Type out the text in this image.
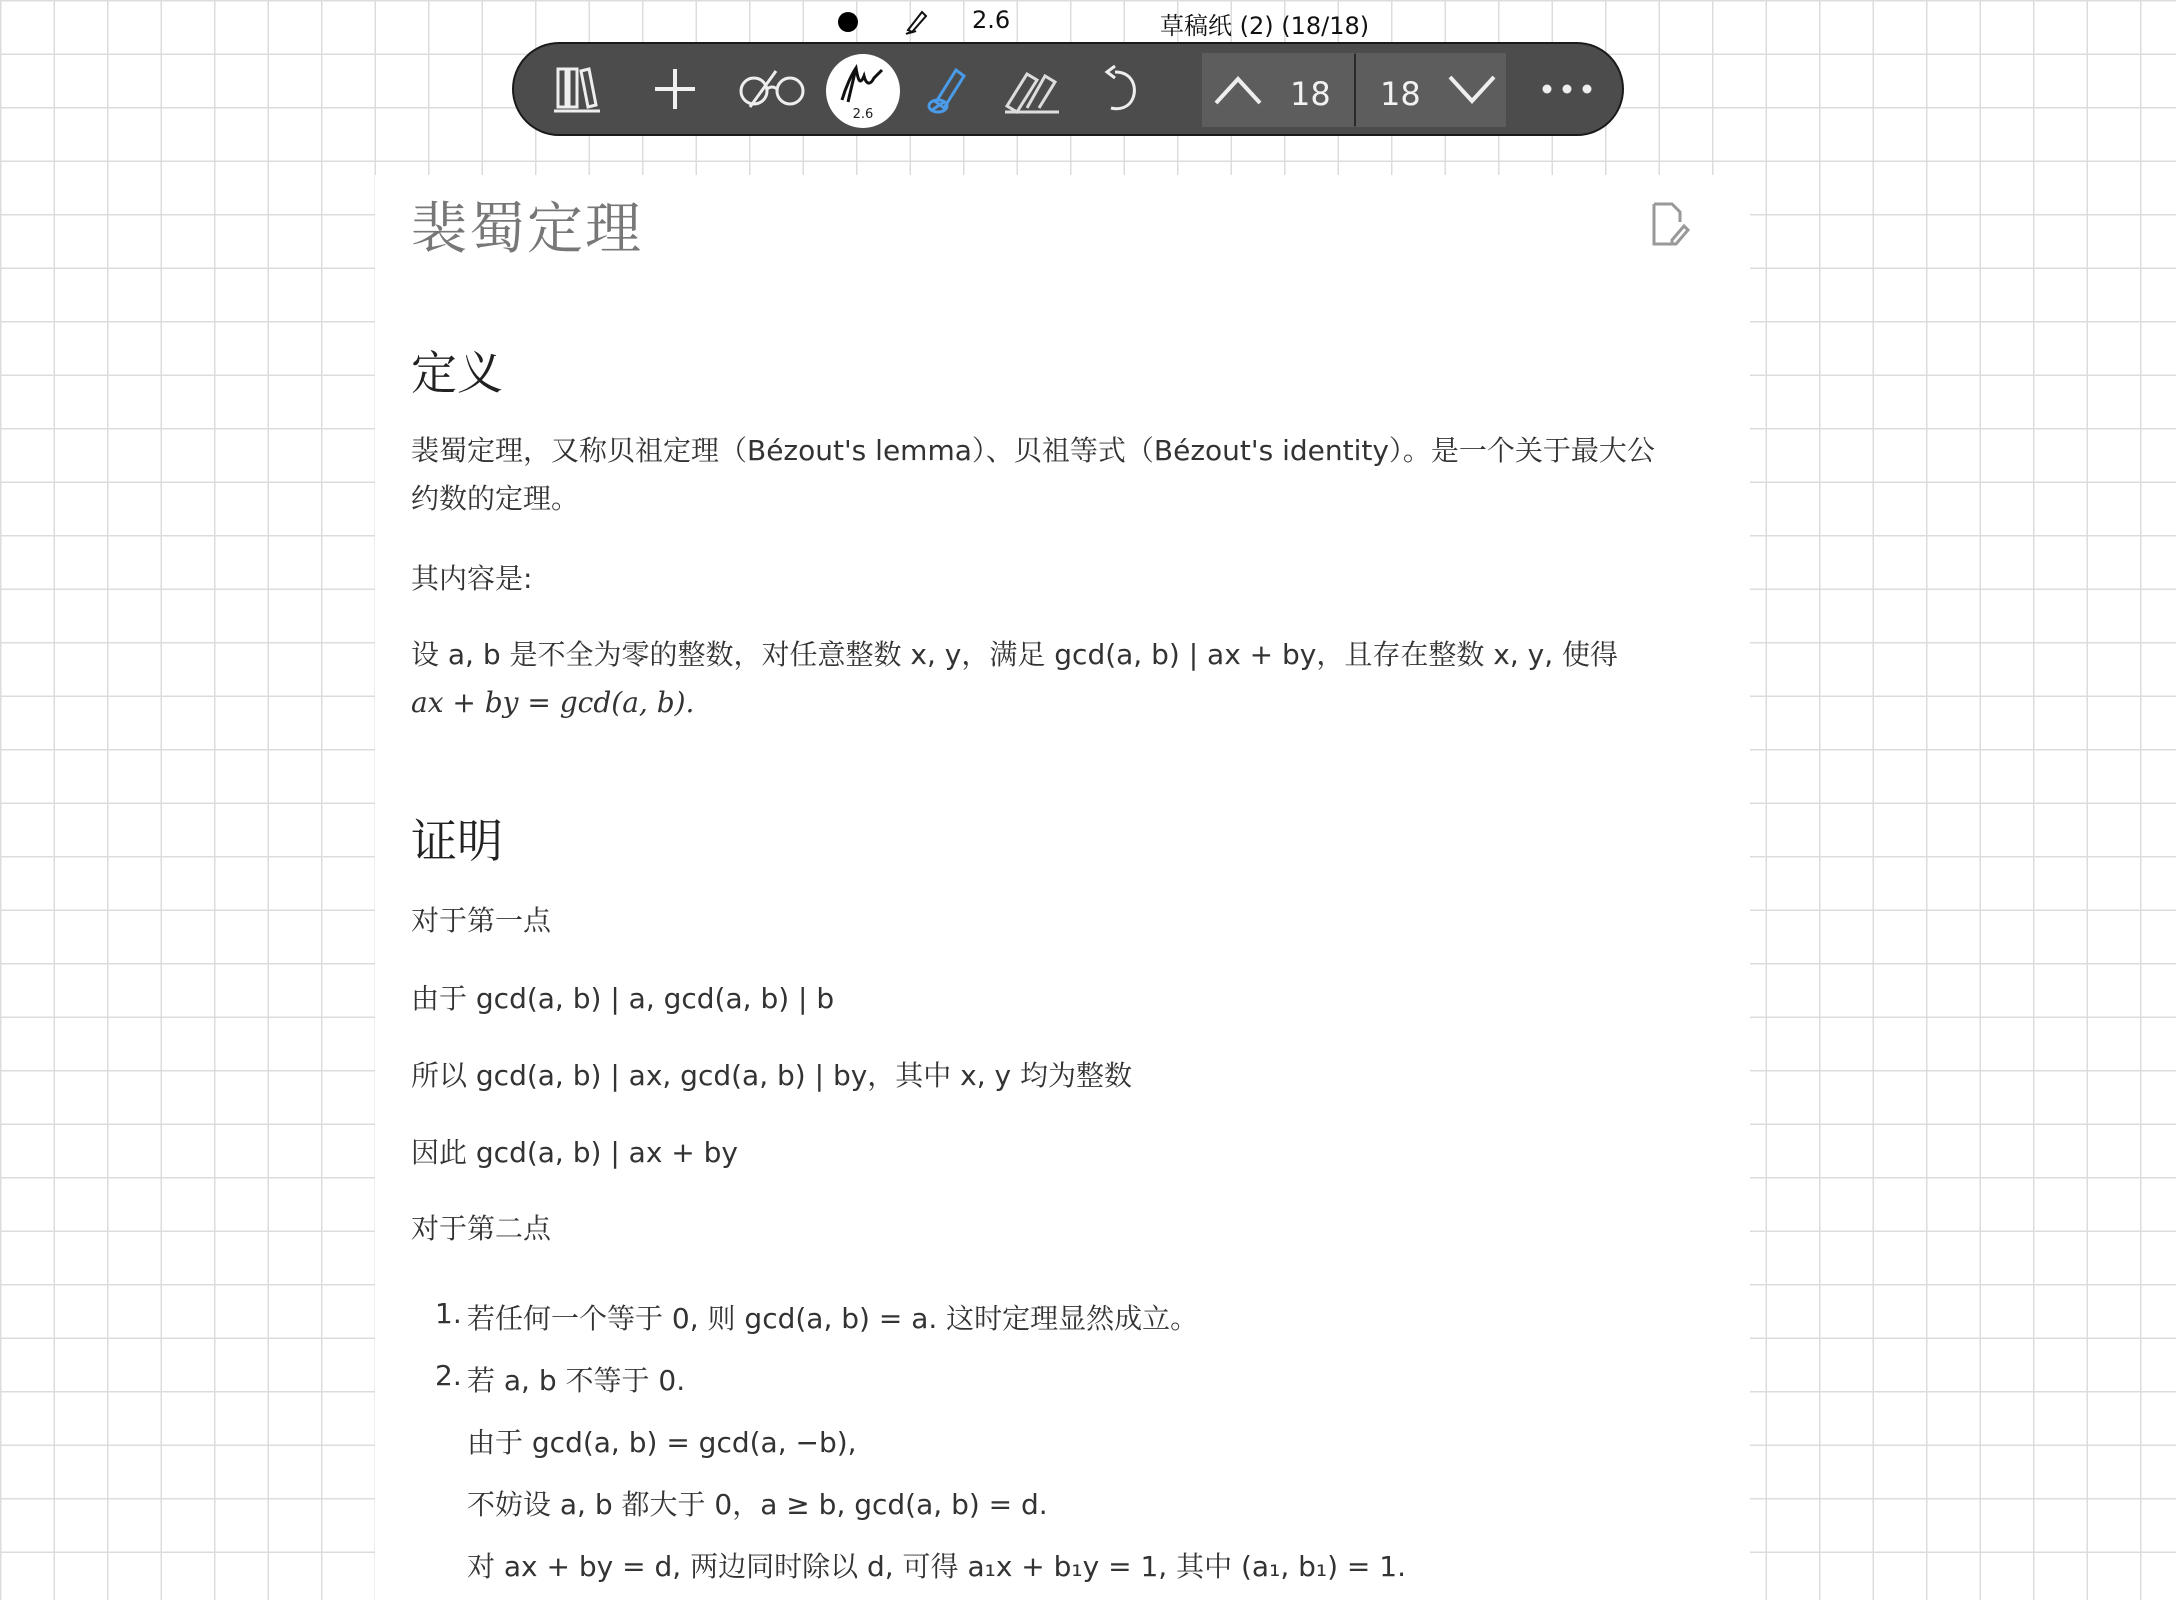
2.6	草稿纸 (2) (18/18)
2.6
18 18
裴蜀定理
定义
裴蜀定理，又称贝祖定理（Bézout's lemma）、贝祖等式（Bézout's identity）。是一个关于最大公
约数的定理。
其内容是:
设 a, b 是不全为零的整数，对任意整数 x, y，满足 gcd(a, b) | ax + by，且存在整数 x, y, 使得
ax + by = gcd(a, b).
证明
对于第一点
由于 gcd(a, b) | a, gcd(a, b) | b
所以 gcd(a, b) | ax, gcd(a, b) | by，其中 x, y 均为整数
因此 gcd(a, b) | ax + by
对于第二点
1. 若任何一个等于 0, 则 gcd(a, b) = a. 这时定理显然成立。
2. 若 a, b 不等于 0.
由于 gcd(a, b) = gcd(a, −b),
不妨设 a, b 都大于 0，a ≥ b, gcd(a, b) = d.
对 ax + by = d, 两边同时除以 d, 可得 a₁x + b₁y = 1, 其中 (a₁, b₁) = 1.
